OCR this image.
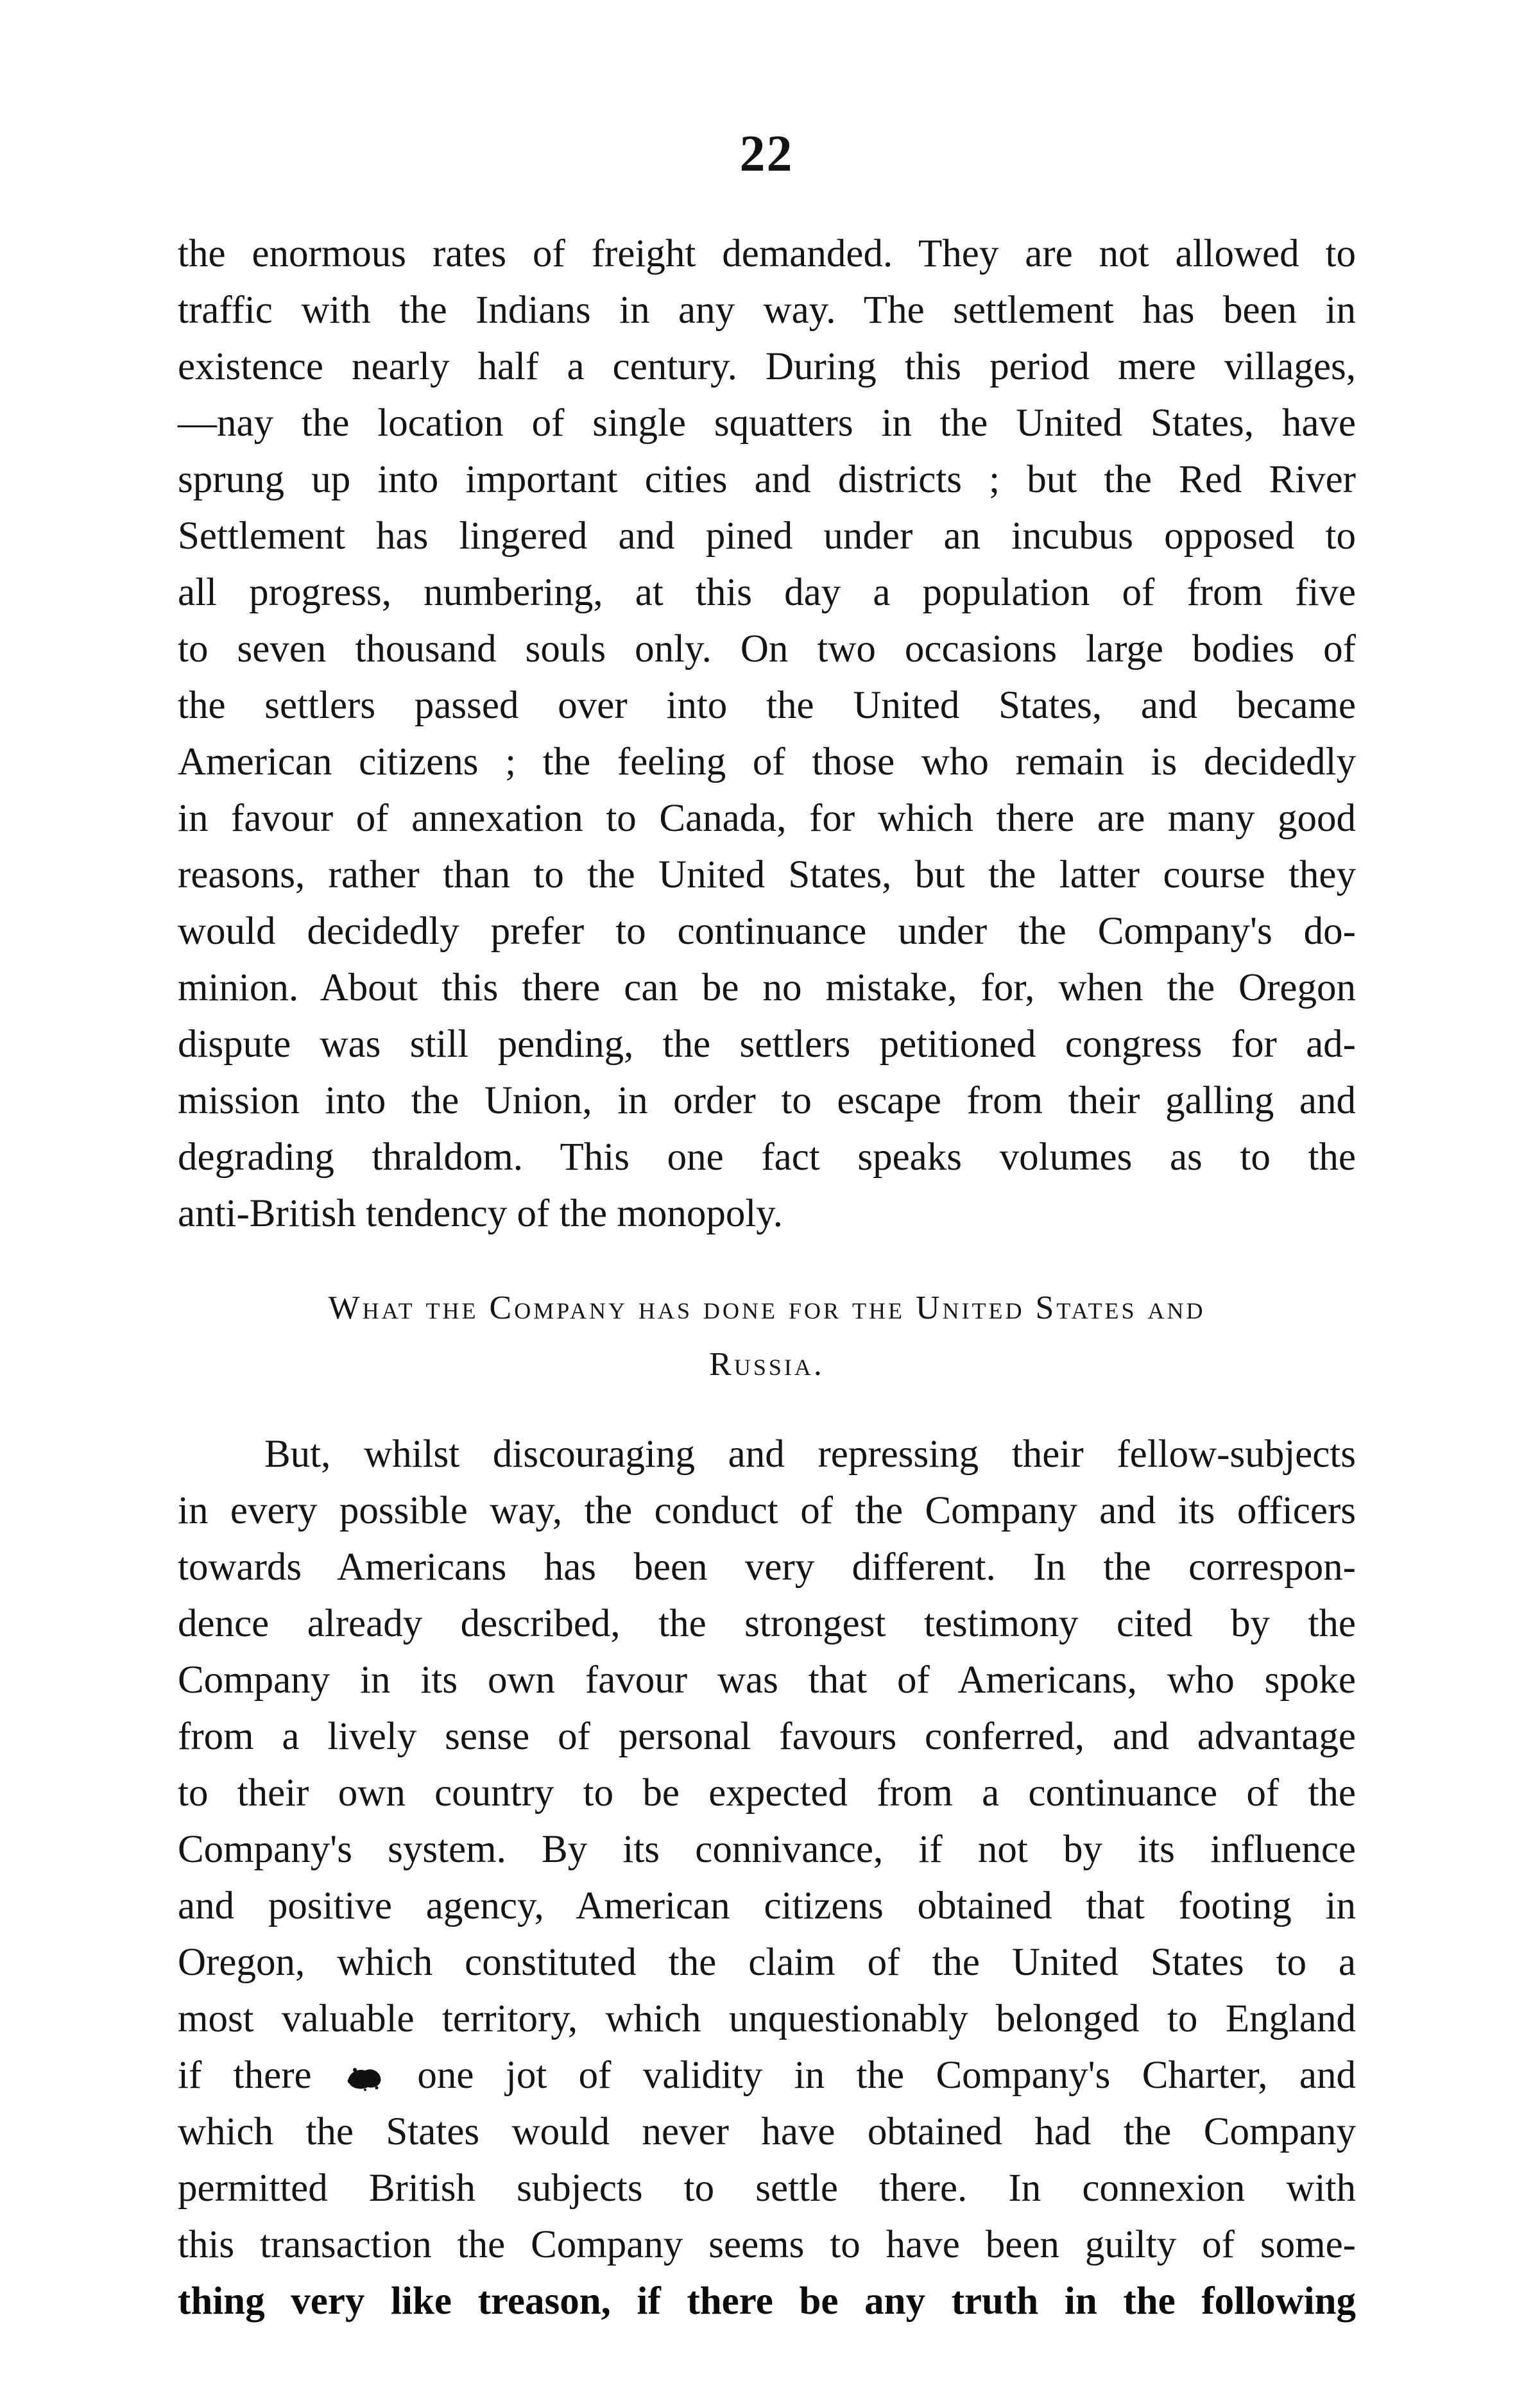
22
the enormous rates of freight demanded. They are not allowed to
traffic with the Indians in any way. The settlement has been in
existence nearly half a century. During this period mere villages,
—nay the location of single squatters in the United States, have
sprung up into important cities and districts ; but the Red River
Settlement has lingered and pined under an incubus opposed to
all progress, numbering, at this day a population of from five
to seven thousand souls only. On two occasions large bodies of
the settlers passed over into the United States, and became
American citizens ; the feeling of those who remain is decidedly
in favour of annexation to Canada, for which there are many good
reasons, rather than to the United States, but the latter course they
would decidedly prefer to continuance under the Company's do-
minion. About this there can be no mistake, for, when the Oregon
dispute was still pending, the settlers petitioned congress for ad-
mission into the Union, in order to escape from their galling and
degrading thraldom. This one fact speaks volumes as to the
anti-British tendency of the monopoly.
What the Company has done for the United States and
Russia.
But, whilst discouraging and repressing their fellow-subjects
in every possible way, the conduct of the Company and its officers
towards Americans has been very different. In the correspon-
dence already described, the strongest testimony cited by the
Company in its own favour was that of Americans, who spoke
from a lively sense of personal favours conferred, and advantage
to their own country to be expected from a continuance of the
Company's system. By its connivance, if not by its influence
and positive agency, American citizens obtained that footing in
Oregon, which constituted the claim of the United States to a
most valuable territory, which unquestionably belonged to England
if there	one jot of validity in the Company's Charter, and
which the States would never have obtained had the Company
permitted British subjects to settle there. In connexion with
this transaction the Company seems to have been guilty of some-
thing very like treason, if there be any truth in the following
